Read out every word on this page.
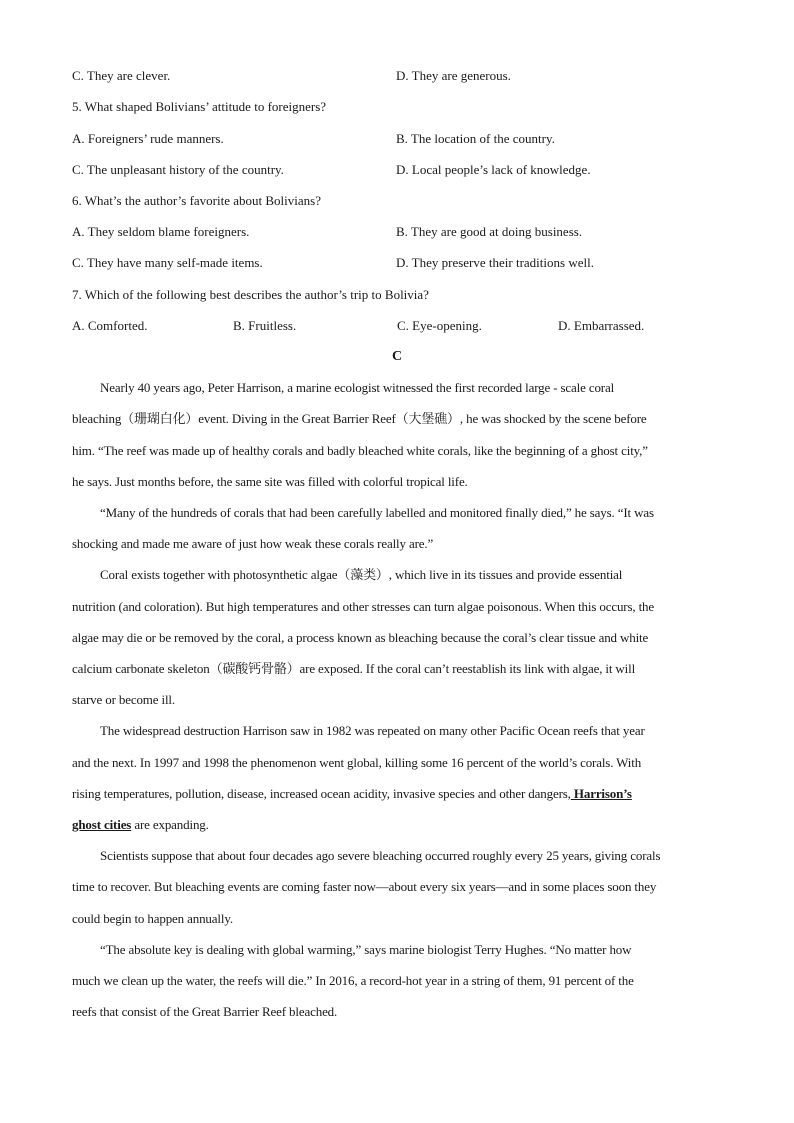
C. They are clever.	D. They are generous.
5. What shaped Bolivians’ attitude to foreigners?
A. Foreigners’ rude manners.	B. The location of the country.
C. The unpleasant history of the country.	D. Local people’s lack of knowledge.
6. What’s the author’s favorite about Bolivians?
A. They seldom blame foreigners.	B. They are good at doing business.
C. They have many self-made items.	D. They preserve their traditions well.
7. Which of the following best describes the author’s trip to Bolivia?
A. Comforted.	B. Fruitless.	C. Eye-opening.	D. Embarrassed.
C
Nearly 40 years ago, Peter Harrison, a marine ecologist witnessed the first recorded large - scale coral
bleaching（珊瑚白化）event. Diving in the Great Barrier Reef（大堡礁）, he was shocked by the scene before
him. “The reef was made up of healthy corals and badly bleached white corals, like the beginning of a ghost city,”
he says. Just months before, the same site was filled with colorful tropical life.
“Many of the hundreds of corals that had been carefully labelled and monitored finally died,” he says. “It was
shocking and made me aware of just how weak these corals really are.”
Coral exists together with photosynthetic algae（藻类）, which live in its tissues and provide essential
nutrition (and coloration). But high temperatures and other stresses can turn algae poisonous. When this occurs, the
algae may die or be removed by the coral, a process known as bleaching because the coral’s clear tissue and white
calcium carbonate skeleton（碳酸钙骨骼）are exposed. If the coral can’t reestablish its link with algae, it will
starve or become ill.
The widespread destruction Harrison saw in 1982 was repeated on many other Pacific Ocean reefs that year
and the next. In 1997 and 1998 the phenomenon went global, killing some 16 percent of the world’s corals. With
rising temperatures, pollution, disease, increased ocean acidity, invasive species and other dangers, Harrison’s
ghost cities are expanding.
Scientists suppose that about four decades ago severe bleaching occurred roughly every 25 years, giving corals
time to recover. But bleaching events are coming faster now—about every six years—and in some places soon they
could begin to happen annually.
“The absolute key is dealing with global warming,” says marine biologist Terry Hughes. “No matter how
much we clean up the water, the reefs will die.” In 2016, a record-hot year in a string of them, 91 percent of the
reefs that consist of the Great Barrier Reef bleached.
